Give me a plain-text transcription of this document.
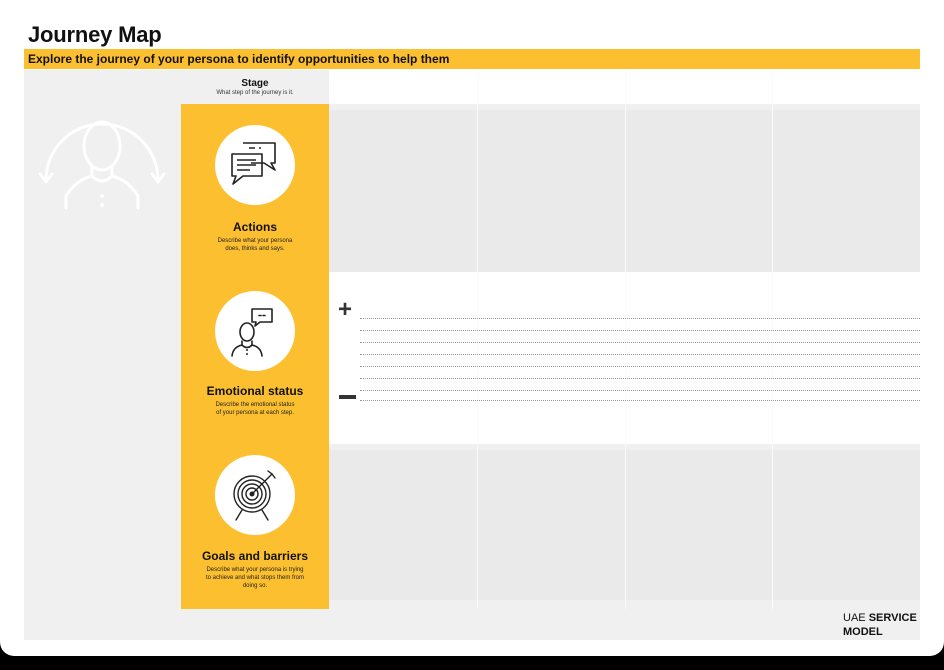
Journey Map
Explore the journey of your persona to identify opportunities to help them
Stage
What step of the journey is it.
+
Actions
Describe what your persona
does, thinks and says.
Emotional status
Describe the emotional status
of your persona at each step.
Goals and barriers
Describe what your persona is trying
to achieve and what stops them from
doing so.
UAE SERVICE
MODEL
